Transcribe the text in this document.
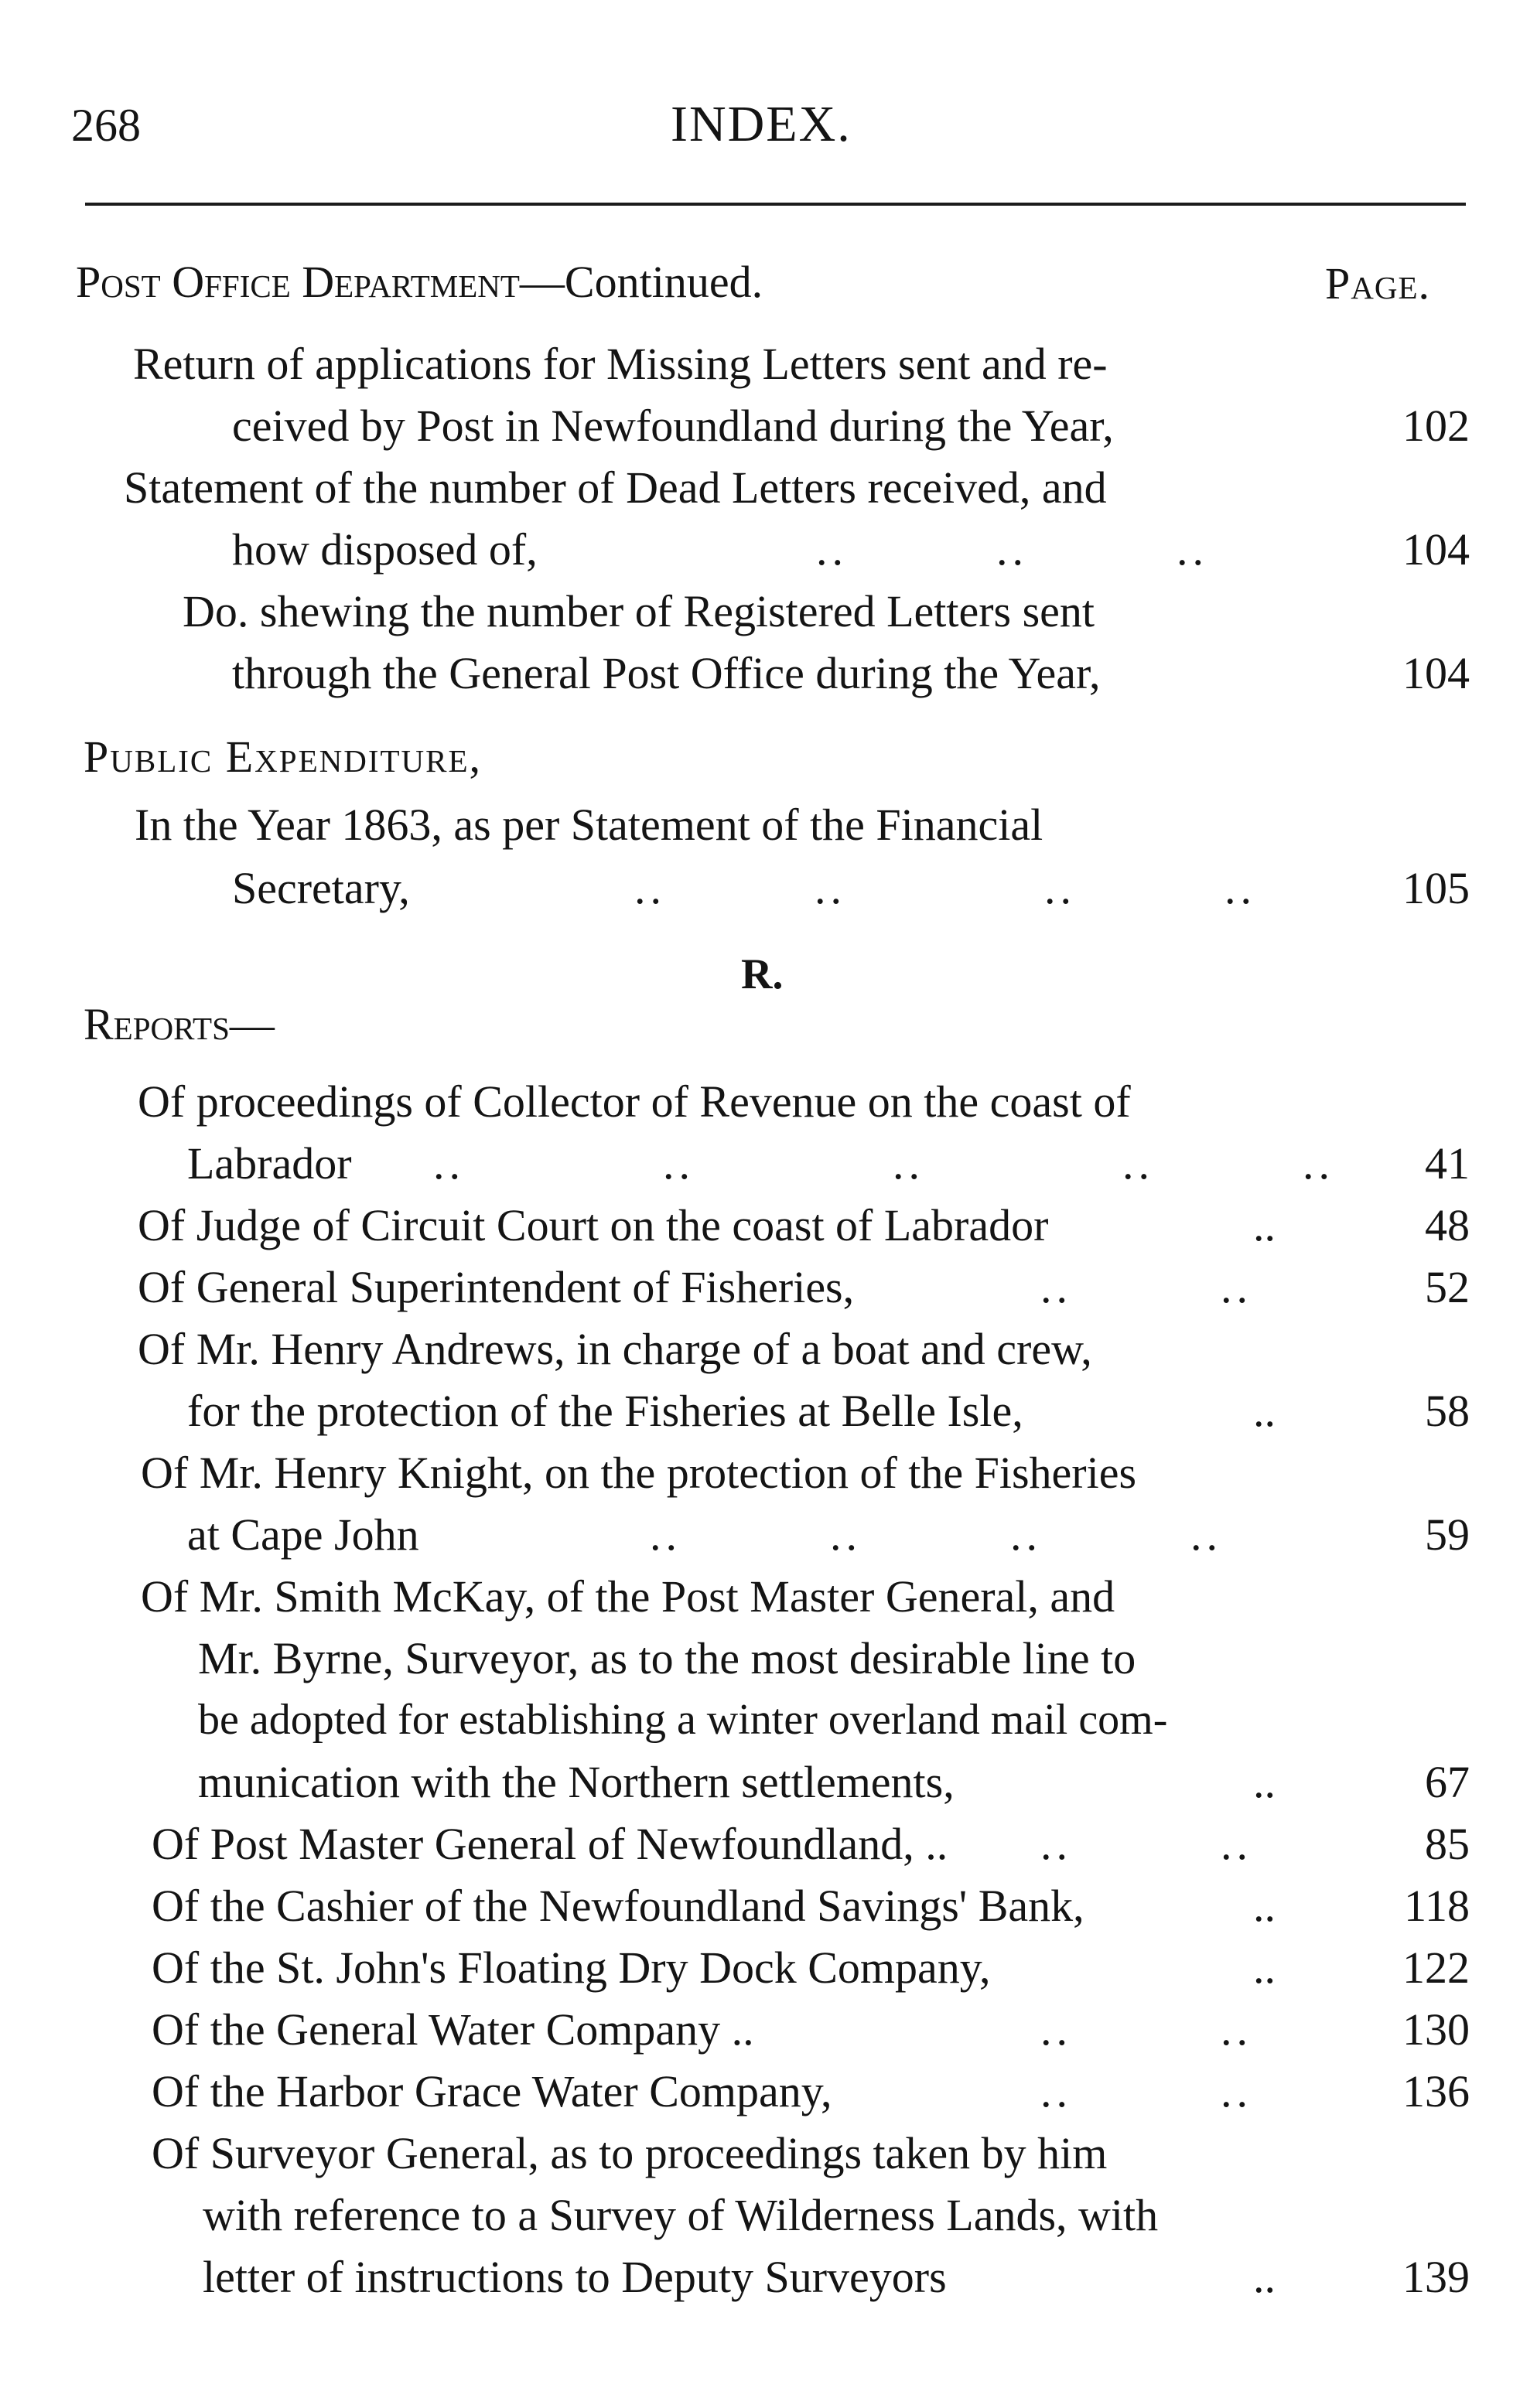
268	INDEX.
Post Office Department—Continued.	Page.
Return of applications for Missing Letters sent and re-
ceived by Post in Newfoundland during the Year,	102
Statement of the number of Dead Letters received, and
how disposed of,	..   ..   ..	104
Do. shewing the number of Registered Letters sent
through the General Post Office during the Year,	104
Public Expenditure,
In the Year 1863, as per Statement of the Financial
Secretary,	..   ..    ..   ..	105
R.
Reports—
Of proceedings of Collector of Revenue on the coast of
Labrador ..    ..    ..    ..   .. 41
Of Judge of Circuit Court on the coast of Labrador	..	48
Of General Superintendent of Fisheries,	..   ..	52
Of Mr. Henry Andrews, in charge of a boat and crew,
for the protection of the Fisheries at Belle Isle,	..	58
Of Mr. Henry Knight, on the protection of the Fisheries
at Cape John	..   ..   ..   ..	59
Of Mr. Smith McKay, of the Post Master General, and
Mr. Byrne, Surveyor, as to the most desirable line to
be adopted for establishing a winter overland mail com-
munication with the Northern settlements,	..	67
Of Post Master General of Newfoundland, .. ..   ..	85
Of the Cashier of the Newfoundland Savings' Bank,	..	118
Of the St. John's Floating Dry Dock Company,	..	122
Of the General Water Company ..	..   ..	130
Of the Harbor Grace Water Company,	..   ..	136
Of Surveyor General, as to proceedings taken by him
with reference to a Survey of Wilderness Lands, with
letter of instructions to Deputy Surveyors	..	139
